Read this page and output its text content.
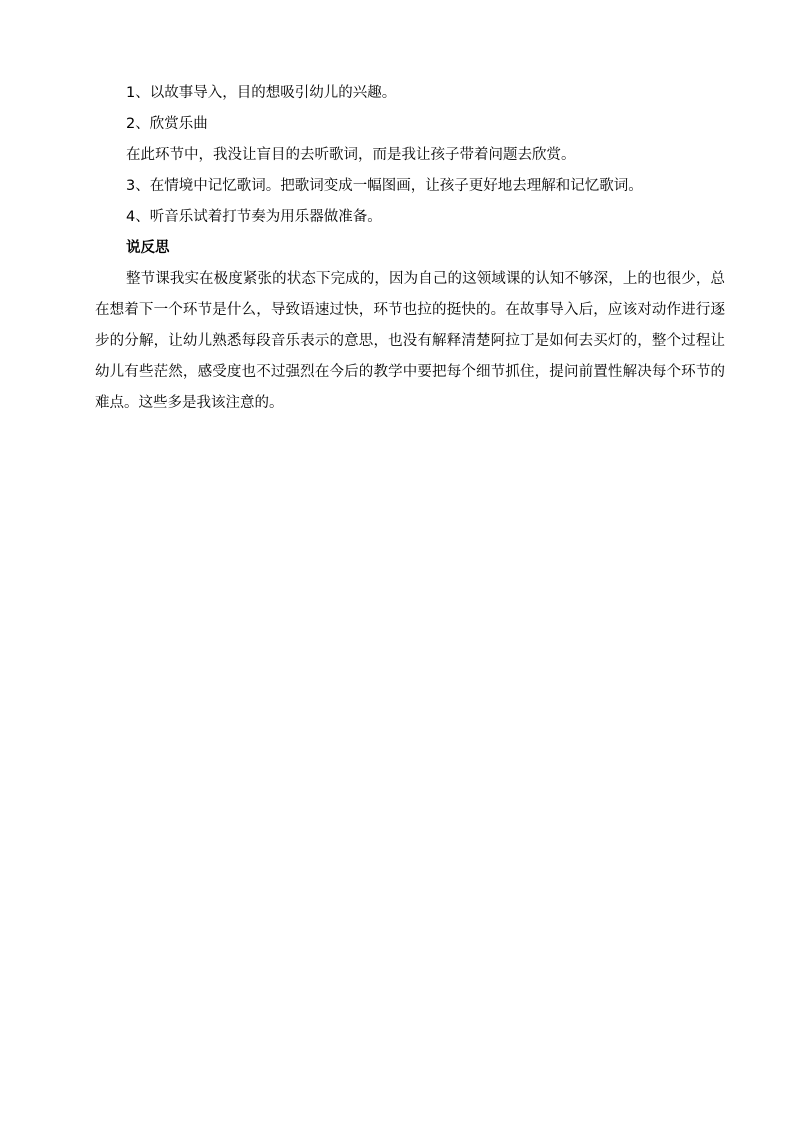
1、以故事导入，目的想吸引幼儿的兴趣。

2、欣赏乐曲

在此环节中，我没让盲目的去听歌词，而是我让孩子带着问题去欣赏。

3、在情境中记忆歌词。把歌词变成一幅图画，让孩子更好地去理解和记忆歌词。

4、听音乐试着打节奏为用乐器做准备。

说反思

整节课我实在极度紧张的状态下完成的，因为自己的这领域课的认知不够深，上的也很少，总在想着下一个环节是什么，导致语速过快，环节也拉的挺快的。在故事导入后，应该对动作进行逐步的分解，让幼儿熟悉每段音乐表示的意思，也没有解释清楚阿拉丁是如何去买灯的，整个过程让幼儿有些茫然，感受度也不过强烈在今后的教学中要把每个细节抓住，提问前置性解决每个环节的难点。这些多是我该注意的。
